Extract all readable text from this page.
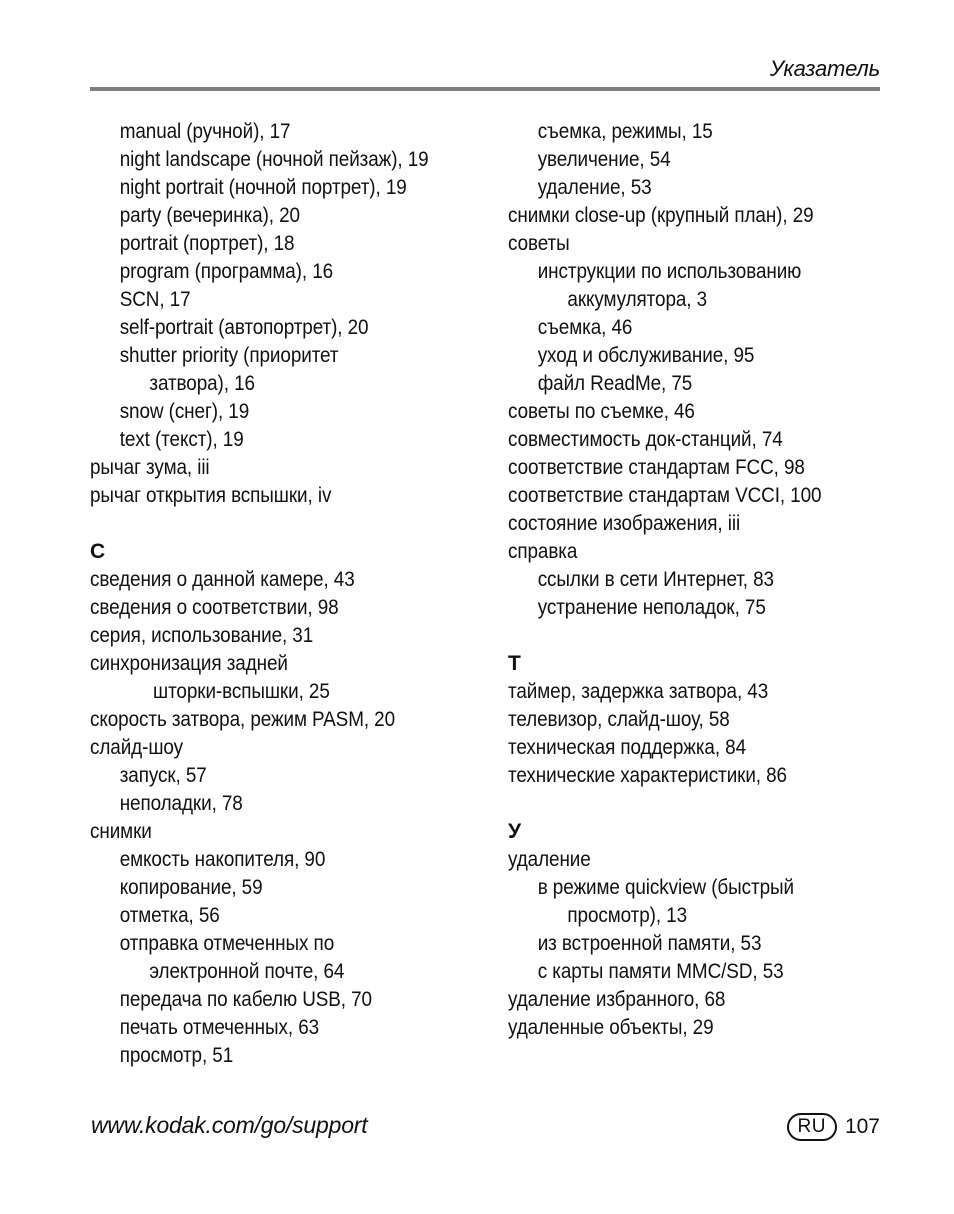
Указатель
manual (ручной), 17
night landscape (ночной пейзаж), 19
night portrait (ночной портрет), 19
party (вечеринка), 20
portrait (портрет), 18
program (программа), 16
SCN, 17
self-portrait (автопортрет), 20
shutter priority (приоритет
затвора), 16
snow (снег), 19
text (текст), 19
рычаг зума, iii
рычаг открытия вспышки, iv
С
сведения о данной камере, 43
сведения о соответствии, 98
серия, использование, 31
синхронизация задней
шторки-вспышки, 25
скорость затвора, режим PASM, 20
слайд-шоу
запуск, 57
неполадки, 78
снимки
емкость накопителя, 90
копирование, 59
отметка, 56
отправка отмеченных по
электронной почте, 64
передача по кабелю USB, 70
печать отмеченных, 63
просмотр, 51
съемка, режимы, 15
увеличение, 54
удаление, 53
снимки close-up (крупный план), 29
советы
инструкции по использованию
аккумулятора, 3
съемка, 46
уход и обслуживание, 95
файл ReadMe, 75
советы по съемке, 46
совместимость док-станций, 74
соответствие стандартам FCC, 98
соответствие стандартам VCCI, 100
состояние изображения, iii
справка
ссылки в сети Интернет, 83
устранение неполадок, 75
Т
таймер, задержка затвора, 43
телевизор, слайд-шоу, 58
техническая поддержка, 84
технические характеристики, 86
У
удаление
в режиме quickview (быстрый
просмотр), 13
из встроенной памяти, 53
с карты памяти MMC/SD, 53
удаление избранного, 68
удаленные объекты, 29
www.kodak.com/go/support	RU 107
